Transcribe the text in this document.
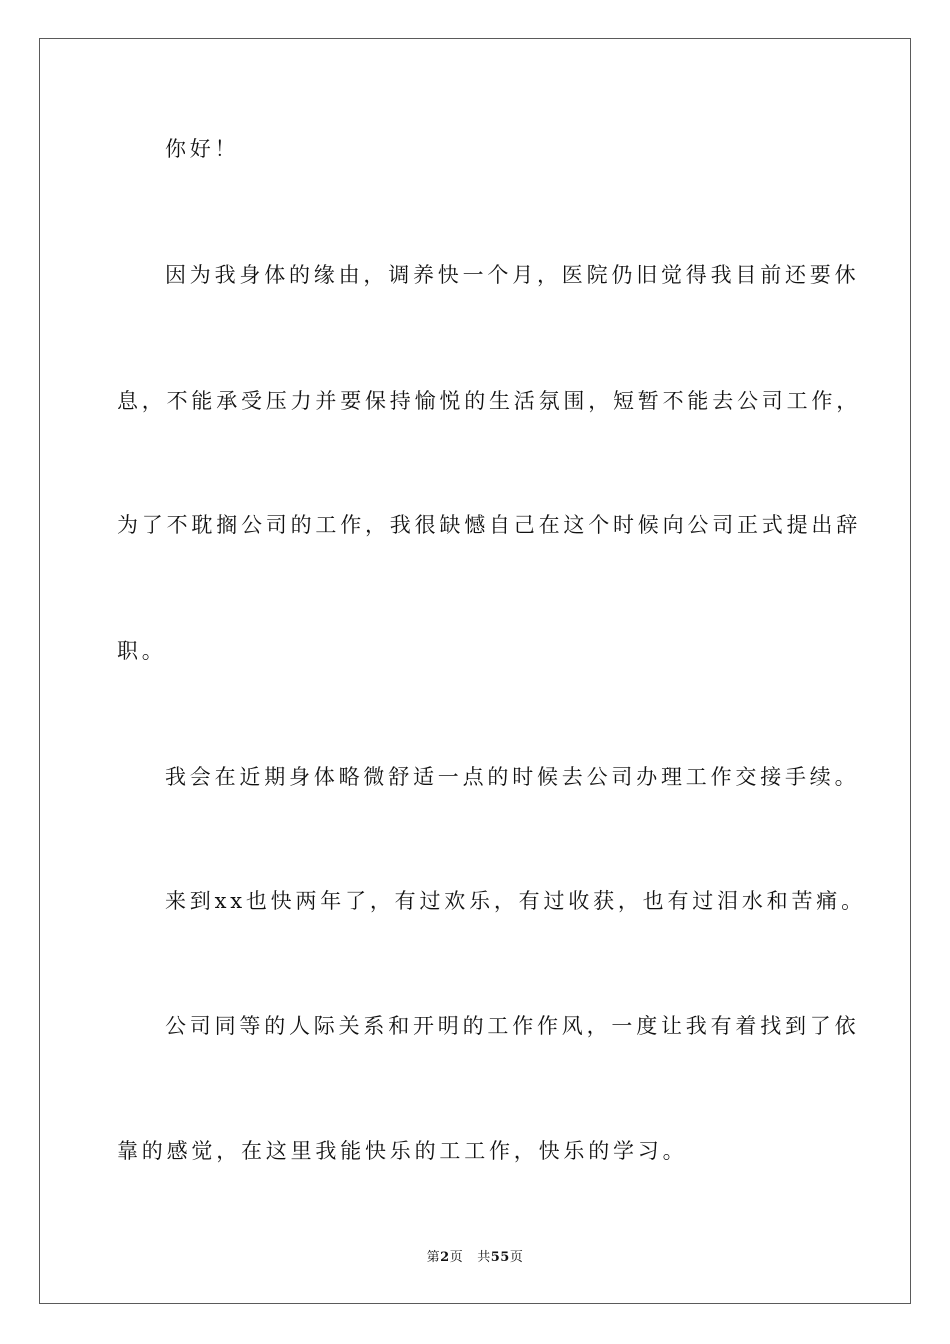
你好！
因为我身体的缘由，调养快一个月，医院仍旧觉得我目前还要休
息，不能承受压力并要保持愉悦的生活氛围，短暂不能去公司工作，
为了不耽搁公司的工作，我很缺憾自己在这个时候向公司正式提出辞
职。
我会在近期身体略微舒适一点的时候去公司办理工作交接手续。
来到xx也快两年了，有过欢乐，有过收获，也有过泪水和苦痛。
公司同等的人际关系和开明的工作作风，一度让我有着找到了依
靠的感觉，在这里我能快乐的工工作，快乐的学习。
第2页 共55页
